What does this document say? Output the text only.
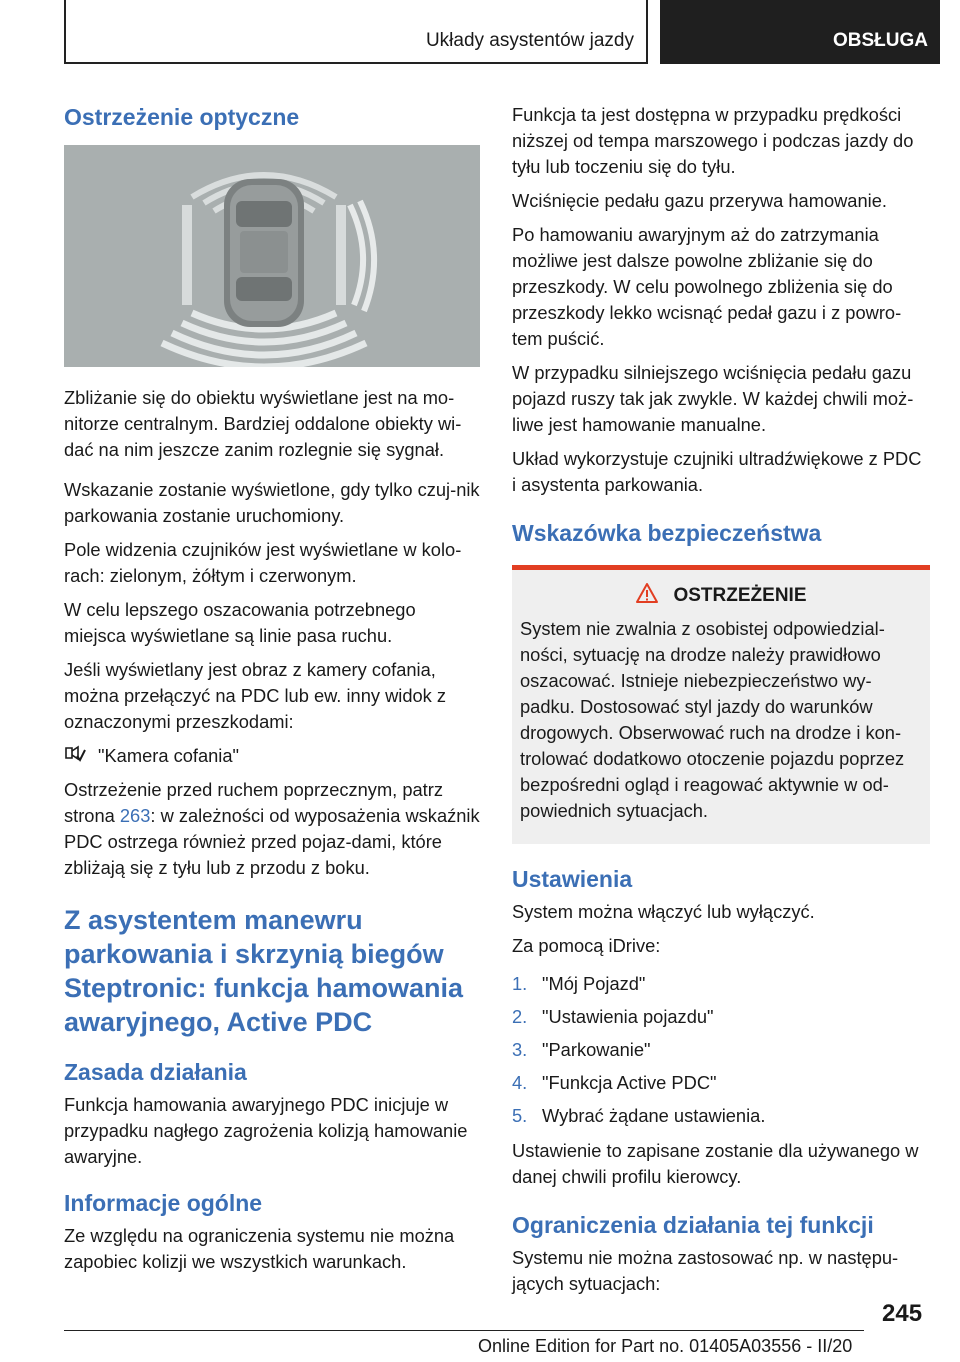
Układy asystentów jazdy	OBSŁUGA
Ostrzeżenie optyczne

Zbliżanie się do obiektu wyświetlane jest na mo-nitorze centralnym. Bardziej oddalone obiekty wi-dać na nim jeszcze zanim rozlegnie się sygnał.

Wskazanie zostanie wyświetlone, gdy tylko czuj-nik parkowania zostanie uruchomiony.

Pole widzenia czujników jest wyświetlane w kolo-rach: zielonym, żółtym i czerwonym.

W celu lepszego oszacowania potrzebnego miejsca wyświetlane są linie pasa ruchu.

Jeśli wyświetlany jest obraz z kamery cofania, można przełączyć na PDC lub ew. inny widok z oznaczonymi przeszkodami:

"Kamera cofania"

Ostrzeżenie przed ruchem poprzecznym, patrz strona 263: w zależności od wyposażenia wskaźnik PDC ostrzega również przed pojaz-dami, które zbliżają się z tyłu lub z przodu z boku.

Z asystentem manewru parkowania i skrzynią biegów Steptronic: funkcja hamowania awaryjnego, Active PDC
Zasada działania

Funkcja hamowania awaryjnego PDC inicjuje w przypadku nagłego zagrożenia kolizją hamowanie awaryjne.

Informacje ogólne

Ze względu na ograniczenia systemu nie można zapobiec kolizji we wszystkich warunkach.

Funkcja ta jest dostępna w przypadku prędkości niższej od tempa marszowego i podczas jazdy do tyłu lub toczeniu się do tyłu.

Wciśnięcie pedału gazu przerywa hamowanie.

Po hamowaniu awaryjnym aż do zatrzymania możliwe jest dalsze powolne zbliżanie się do przeszkody. W celu powolnego zbliżenia się do przeszkody lekko wcisnąć pedał gazu i z powro-tem puścić.

W przypadku silniejszego wciśnięcia pedału gazu pojazd ruszy tak jak zwykle. W każdej chwili moż-liwe jest hamowanie manualne.

Układ wykorzystuje czujniki ultradźwiękowe z PDC i asystenta parkowania.

Wskazówka bezpieczeństwa
OSTRZEŻENIE

System nie zwalnia z osobistej odpowiedzial-ności, sytuację na drodze należy prawidłowo oszacować. Istnieje niebezpieczeństwo wy-padku. Dostosować styl jazdy do warunków drogowych. Obserwować ruch na drodze i kon-trolować dodatkowo otoczenie pojazdu poprzez bezpośredni ogląd i reagować aktywnie w od-powiednich sytuacjach.

Ustawienia

System można włączyć lub wyłączyć.

Za pomocą iDrive:

1. "Mój Pojazd"
2. "Ustawienia pojazdu"
3. "Parkowanie"
4. "Funkcja Active PDC"
5. Wybrać żądane ustawienia.

Ustawienie to zapisane zostanie dla używanego w danej chwili profilu kierowcy.

Ograniczenia działania tej funkcji

Systemu nie można zastosować np. w następu-jących sytuacjach:

245
Online Edition for Part no. 01405A03556 - II/20
